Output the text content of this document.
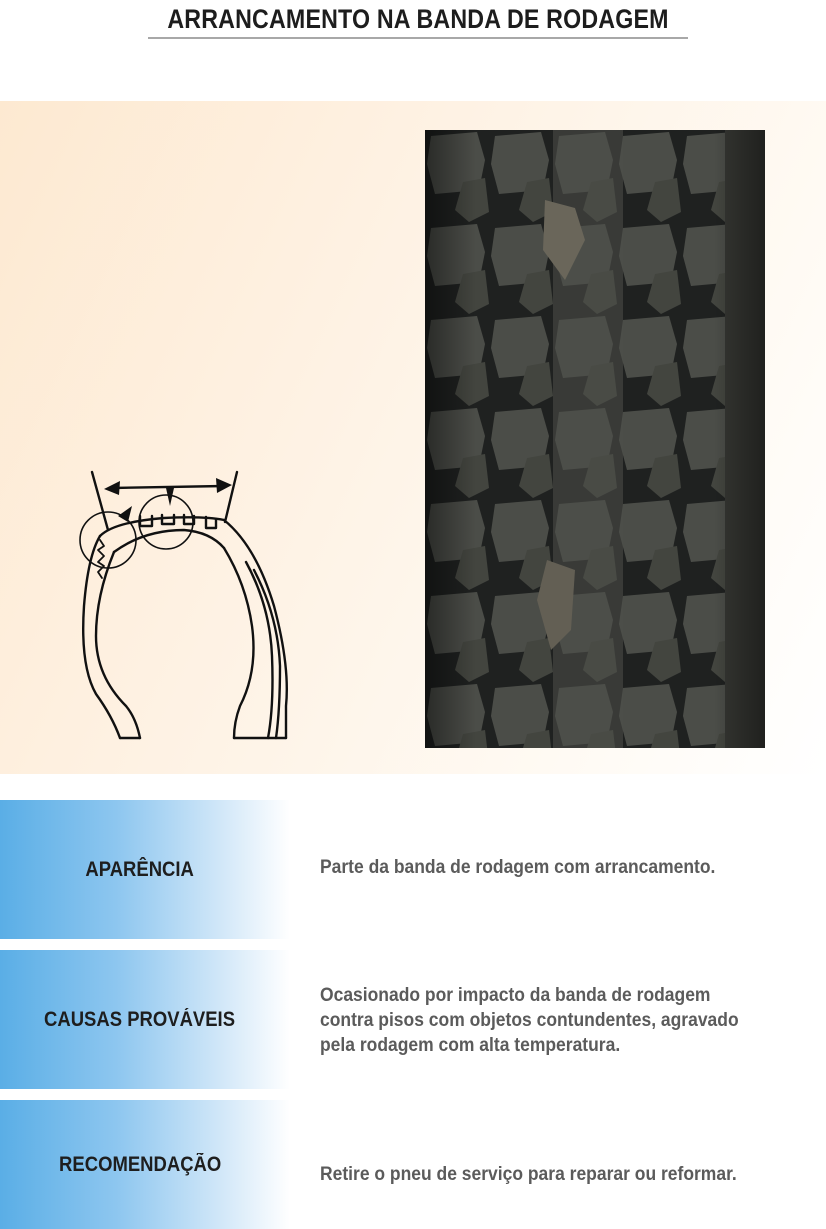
ARRANCAMENTO NA BANDA DE RODAGEM
APARÊNCIA	Parte da banda de rodagem com arrancamento.
CAUSAS PROVÁVEIS
Ocasionado por impacto da banda de rodagem contra pisos com objetos contundentes, agravado pela rodagem com alta temperatura.
RECOMENDAÇÃO	Retire o pneu de serviço para reparar ou reformar.
